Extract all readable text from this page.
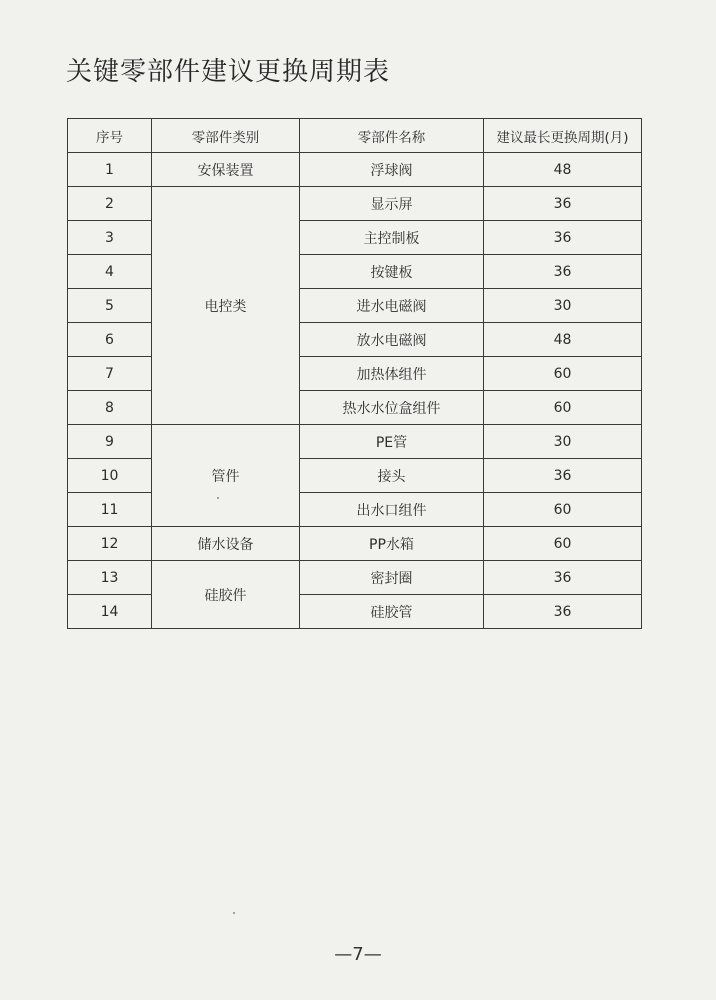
关键零部件建议更换周期表
序号	零部件类别	零部件名称	建议最长更换周期(月)
1	安保装置	浮球阀	48
2	电控类	显示屏	36
3		主控制板	36
4		按键板	36
5		进水电磁阀	30
6		放水电磁阀	48
7		加热体组件	60
8		热水水位盒组件	60
9	管件	PE管	30
10		接头	36
11		出水口组件	60
12	储水设备	PP水箱	60
13	硅胶件	密封圈	36
14		硅胶管	36
—7—
